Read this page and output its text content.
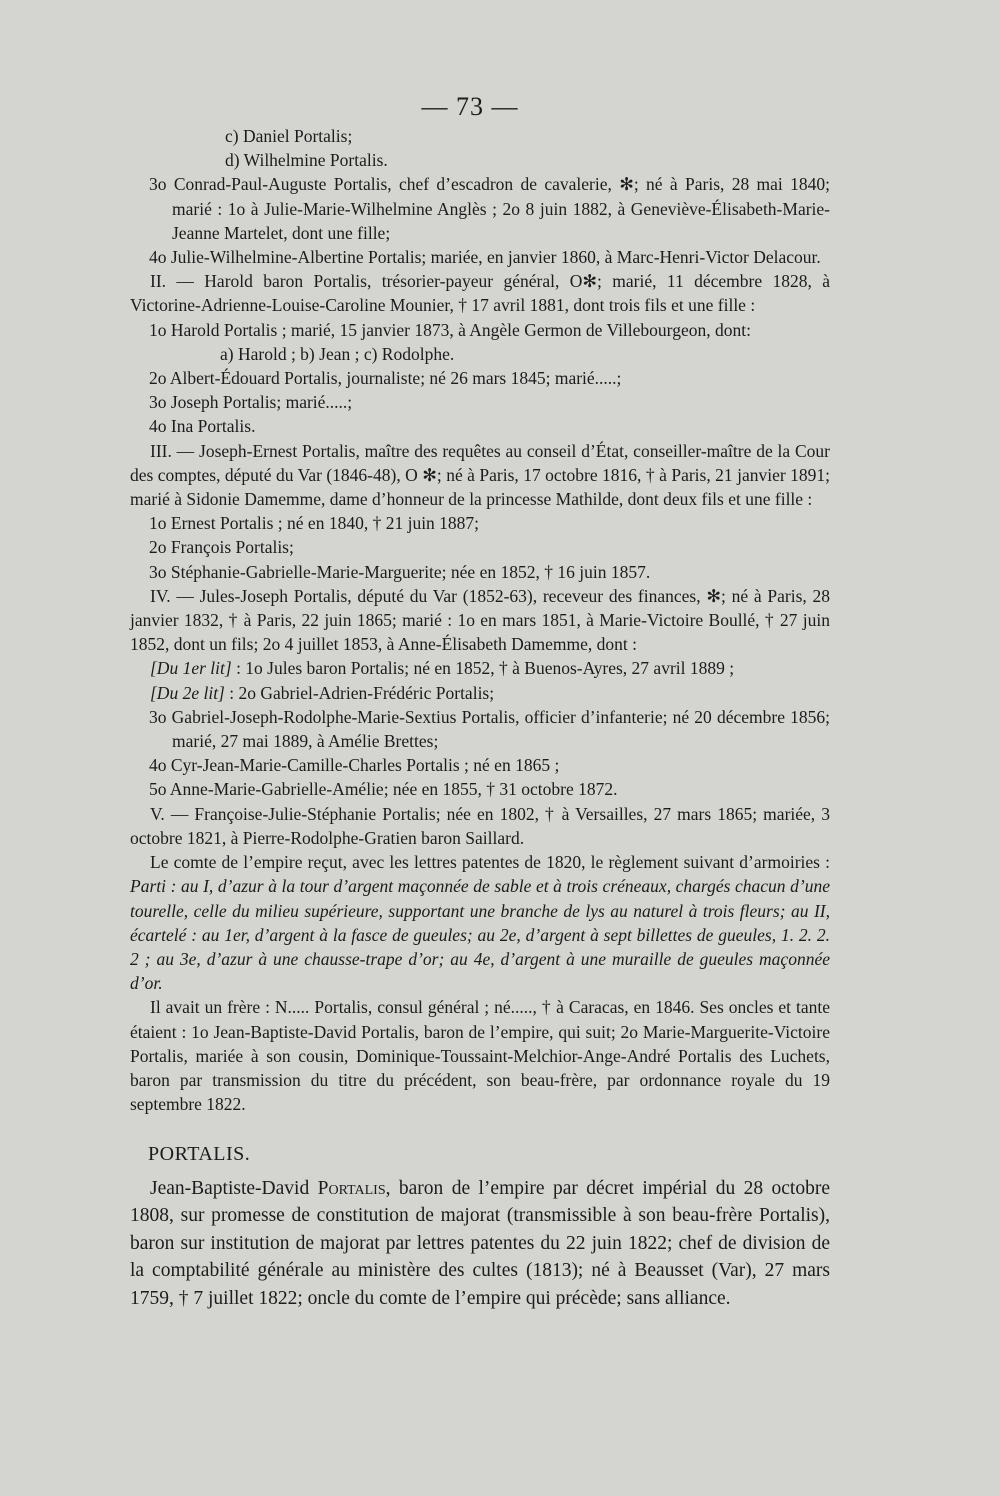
— 73 —

c) Daniel Portalis;

d) Wilhelmine Portalis.

3o Conrad-Paul-Auguste Portalis, chef d’escadron de cavalerie, ✻; né à Paris, 28 mai 1840; marié : 1o à Julie-Marie-Wilhelmine Anglès ; 2o 8 juin 1882, à Geneviève-Élisabeth-Marie-Jeanne Martelet, dont une fille;

4o Julie-Wilhelmine-Albertine Portalis; mariée, en janvier 1860, à Marc-Henri-Victor Delacour.

II. — Harold baron Portalis, trésorier-payeur général, O✻; marié, 11 décembre 1828, à Victorine-Adrienne-Louise-Caroline Mounier, † 17 avril 1881, dont trois fils et une fille :

1o Harold Portalis ; marié, 15 janvier 1873, à Angèle Germon de Villebourgeon, dont:

a) Harold ; b) Jean ; c) Rodolphe.

2o Albert-Édouard Portalis, journaliste; né 26 mars 1845; marié.....;

3o Joseph Portalis; marié.....;

4o Ina Portalis.

III. — Joseph-Ernest Portalis, maître des requêtes au conseil d’État, conseiller-maître de la Cour des comptes, député du Var (1846-48), O ✻; né à Paris, 17 octobre 1816, † à Paris, 21 janvier 1891; marié à Sidonie Damemme, dame d’honneur de la princesse Mathilde, dont deux fils et une fille :

1o Ernest Portalis ; né en 1840, † 21 juin 1887;

2o François Portalis;

3o Stéphanie-Gabrielle-Marie-Marguerite; née en 1852, † 16 juin 1857.

IV. — Jules-Joseph Portalis, député du Var (1852-63), receveur des finances, ✻; né à Paris, 28 janvier 1832, † à Paris, 22 juin 1865; marié : 1o en mars 1851, à Marie-Victoire Boullé, † 27 juin 1852, dont un fils; 2o 4 juillet 1853, à Anne-Élisabeth Damemme, dont :

[Du 1er lit] : 1o Jules baron Portalis; né en 1852, † à Buenos-Ayres, 27 avril 1889 ;

[Du 2e lit] : 2o Gabriel-Adrien-Frédéric Portalis;

3o Gabriel-Joseph-Rodolphe-Marie-Sextius Portalis, officier d’infanterie; né 20 décembre 1856; marié, 27 mai 1889, à Amélie Brettes;

4o Cyr-Jean-Marie-Camille-Charles Portalis ; né en 1865 ;

5o Anne-Marie-Gabrielle-Amélie; née en 1855, † 31 octobre 1872.

V. — Françoise-Julie-Stéphanie Portalis; née en 1802, † à Versailles, 27 mars 1865; mariée, 3 octobre 1821, à Pierre-Rodolphe-Gratien baron Saillard.

Le comte de l’empire reçut, avec les lettres patentes de 1820, le règlement suivant d’armoiries : Parti : au I, d’azur à la tour d’argent maçonnée de sable et à trois créneaux, chargés chacun d’une tourelle, celle du milieu supérieure, supportant une branche de lys au naturel à trois fleurs; au II, écartelé : au 1er, d’argent à la fasce de gueules; au 2e, d’argent à sept billettes de gueules, 1. 2. 2. 2 ; au 3e, d’azur à une chausse-trape d’or; au 4e, d’argent à une muraille de gueules maçonnée d’or.

Il avait un frère : N..... Portalis, consul général ; né....., † à Caracas, en 1846. Ses oncles et tante étaient : 1o Jean-Baptiste-David Portalis, baron de l’empire, qui suit; 2o Marie-Marguerite-Victoire Portalis, mariée à son cousin, Dominique-Toussaint-Melchior-Ange-André Portalis des Luchets, baron par transmission du titre du précédent, son beau-frère, par ordonnance royale du 19 septembre 1822.

PORTALIS.

Jean-Baptiste-David Portalis, baron de l’empire par décret impérial du 28 octobre 1808, sur promesse de constitution de majorat (transmissible à son beau-frère Portalis), baron sur institution de majorat par lettres patentes du 22 juin 1822; chef de division de la comptabilité générale au ministère des cultes (1813); né à Beausset (Var), 27 mars 1759, † 7 juillet 1822; oncle du comte de l’empire qui précède; sans alliance.
